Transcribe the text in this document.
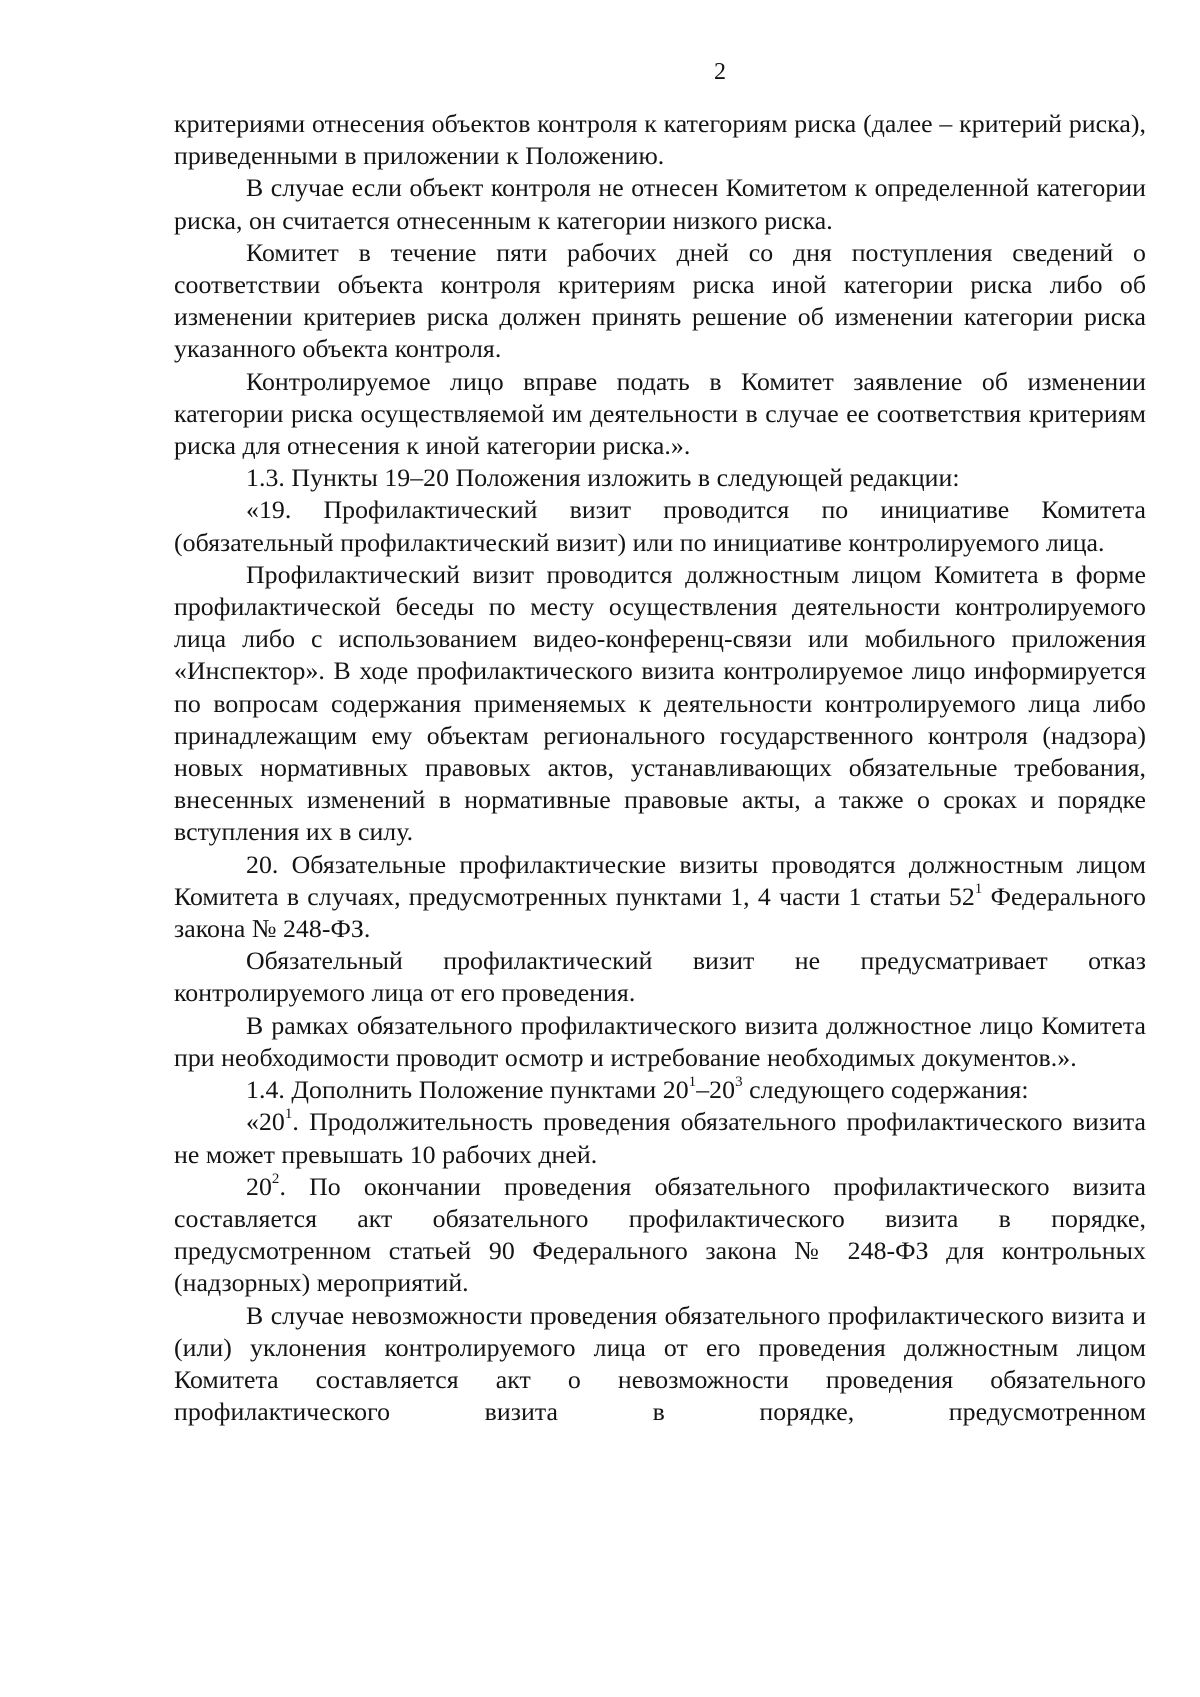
2

критериями отнесения объектов контроля к категориям риска (далее – критерий риска), приведенными в приложении к Положению.

В случае если объект контроля не отнесен Комитетом к определенной категории риска, он считается отнесенным к категории низкого риска.

Комитет в течение пяти рабочих дней со дня поступления сведений о соответствии объекта контроля критериям риска иной категории риска либо об изменении критериев риска должен принять решение об изменении категории риска указанного объекта контроля.

Контролируемое лицо вправе подать в Комитет заявление об изменении категории риска осуществляемой им деятельности в случае ее соответствия критериям риска для отнесения к иной категории риска.».

1.3. Пункты 19–20 Положения изложить в следующей редакции:

«19. Профилактический визит проводится по инициативе Комитета (обязательный профилактический визит) или по инициативе контролируемого лица.

Профилактический визит проводится должностным лицом Комитета в форме профилактической беседы по месту осуществления деятельности контролируемого лица либо с использованием видео-конференц-связи или мобильного приложения «Инспектор». В ходе профилактического визита контролируемое лицо информируется по вопросам содержания применяемых к деятельности контролируемого лица либо принадлежащим ему объектам регионального государственного контроля (надзора) новых нормативных правовых актов, устанавливающих обязательные требования, внесенных изменений в нормативные правовые акты, а также о сроках и порядке вступления их в силу.

20. Обязательные профилактические визиты проводятся должностным лицом Комитета в случаях, предусмотренных пунктами 1, 4 части 1 статьи $52^1$ Федерального закона № 248-ФЗ.

Обязательный профилактический визит не предусматривает отказ контролируемого лица от его проведения.

В рамках обязательного профилактического визита должностное лицо Комитета при необходимости проводит осмотр и истребование необходимых документов.».

1.4. Дополнить Положение пунктами $20^1-20^3$ следующего содержания:

«$20^1$. Продолжительность проведения обязательного профилактического визита не может превышать 10 рабочих дней.

$20^2$. По окончании проведения обязательного профилактического визита составляется акт обязательного профилактического визита в порядке, предусмотренном статьей 90 Федерального закона № 248-ФЗ для контрольных (надзорных) мероприятий.

В случае невозможности проведения обязательного профилактического визита и (или) уклонения контролируемого лица от его проведения должностным лицом Комитета составляется акт о невозможности проведения обязательного профилактического визита в порядке, предусмотренном
